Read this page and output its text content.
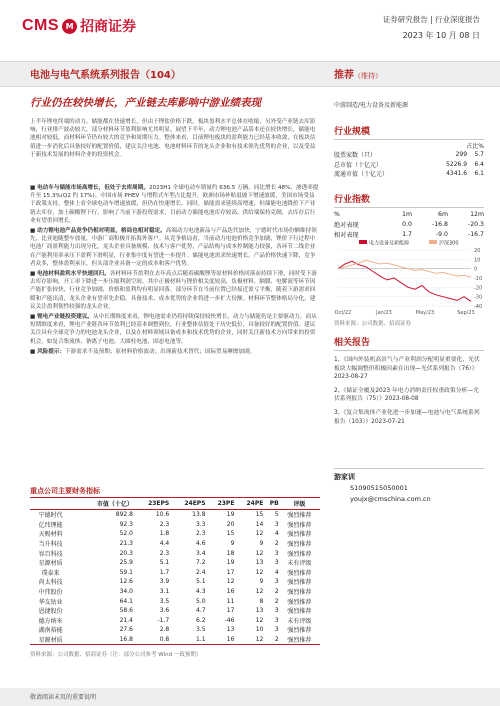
CMS M 招商证券	证券研究报告 | 行业深度报告
2023 年 10 月 08 日
电池与电气系统系列报告（104）	推荐（维持）
行业仍在较快增长，产业链去库影响中游业绩表现	中游制造/电力设备及新能源
上半年锂电终端的动力、储能都在快速增长，但由于锂盐价格下跌，板块盈利水平总体在收缩，另外受产业链去库影响，行业排产波动较大，部分材料环节盈利影响尤其明显。展望下半年，动力锂电池产品基本还在较快增长，储能电池相对较低，而材料环节仍有较大的竞争和周期压力。整体来看，目前锂电板块的盈利能力已经基本收敛，在板块估值进一步消化后具备较好的配置价值，建议关注电池、电池材料环节的龙头企业和有技术领先优势的企业，以及受益于新技术发展的材料企业的投资机会。
■ 电动车与储能市场高增长，但处于去库周期。2023H1 全球电动车销量约 636.5 万辆，同比增长 48%，渗透率提升至 15.3%(Q2 约 17%)。中国市场 PHEV 与增程式车型占比提升，欧洲市场补贴退坡下增速放缓，美国市场受益于政策支持，整体上看全球电动车增速放缓，但仍在快速增长。同时，储能需求延续高增速，但储能电池降价下产业链去库存，加上碳酸锂下行，影响了当前下游投资需求，目前动力储能电池库存较高，供给端保持克制，去库存后行业有望重回增长。
■ 动力锂电池产品竞争仍相对明显，格局也相对稳定。高端动力电池新品与产品迭代加快，宁德时代市场份额维持领先，比亚迪随整车放量，中游厂商积极开拓海外客户。从竞争格局看，当前动力电池价格竞争加剧，锂价下行过程中电池厂商盈利能力出现分化，龙头企业具备规模、技术与客户优势，产品结构与成本控制能力较强，各环节二线企业在产能利用率承压下盈利下滑明显，行业集中度有望进一步提升。储能电池需求快速增长，产品价格快速下降，竞争者众多，整体盈利承压，但头部企业具备一定的成本和客户优势。
■ 电池材料盈利水平快速回归。各材料环节盈利在去年高点后随着碳酸锂等原材料价格回落而持续下滑，同时受下游去库存影响，开工率下降进一步压缩利润空间。其中正极材料与锂价相关度较高，负极材料、隔膜、电解液等环节因产能扩张较快，行业竞争加剧，价格和盈利均有明显回落。部分环节在当前位置已经接近盈亏平衡，随着下游需求回暖和产能出清，龙头企业有望率先企稳，具备技术、成本优势的企业将进一步扩大份额。材料环节整体格局分化，建议关注盈利韧性较强的龙头企业。
■ 锂电产业链投资建议。从中长期维度来看，锂电池需求仍将持续保持较快增长，动力与储能仍是主要驱动力。而从短期维度来看，锂电产业链各环节盈利已经基本调整到位，行业整体估值处于历史低位，具备较好的配置价值。建议关注具有全球竞争力的电池龙头企业，以及在材料领域具备成本和技术优势的企业，同时关注新技术方向带来的投资机会，如复合集流体、钠离子电池、大圆柱电池、固态电池等。
■ 风险提示：下游需求不及预期；原材料价格波动；出现新技术替代；国际贸易摩擦加剧。
重点公司主要财务指标
	市值（十亿）	23EPS	24EPS	23PE	24PE	PB	评级
宁德时代	892.8	10.6	13.8	19	15	5	强烈推荐
亿纬锂能	92.3	2.3	3.3	20	14	3	强烈推荐
天赐材料	52.0	1.8	2.3	15	12	4	强烈推荐
当升科技	21.3	4.4	4.6	9	9	2	强烈推荐
容百科技	20.3	2.3	3.4	18	12	3	强烈推荐
星源材质	25.9	5.1	7.2	19	13	3	未有评级
璞泰来	59.1	1.7	2.4	17	12	4	强烈推荐
尚太科技	12.6	3.9	5.1	12	9	3	强烈推荐
中伟股份	34.0	3.1	4.3	16	12	2	强烈推荐
华友钴业	64.1	3.5	5.0	11	8	2	强烈推荐
恩捷股份	58.6	3.6	4.7	17	13	3	强烈推荐
德方纳米	21.4	-1.7	6.2	-46	12	3	未有评级
湖南裕能	27.6	2.8	3.5	13	10	3	强烈推荐
星源材质	16.8	0.8	1.1	16	12	2	强烈推荐
资料来源：公司数据、招商证券（注：部分公司参考 Wind 一致预期）
行业规模
占比%
股票家数（只）	299	5.7
总市值（十亿元）	5226.9	6.4
流通市值（十亿元）	4341.6	6.1
行业指数
%	1m	6m	12m
绝对表现	0.0	-16.8	-20.3
相对表现	1.7	-9.0	-16.7
电力设备及新能源	沪深300
20
10
0
-10
-20
-30
-40
Oct/22	Jan/23	May/23	Sep/23
资料来源：公司数据、招商证券
相关报告
1、《国内外装机高景气与产业利润分配明显重要化，光伏板块大幅调整但积极因素在出现—光伏系列报告（76）》2023-08-27
2、《储证全覆及2023 年电力消纳责任权重政策分析—光伏系列报告（75）》2023-08-08
3、《复合集流体产业化进一步加速—电池与电气系统系列报告（103）》2023-07-21
游家训
S1090515050001
youjx@cmschina.com.cn
敬请阅读末页的重要说明
